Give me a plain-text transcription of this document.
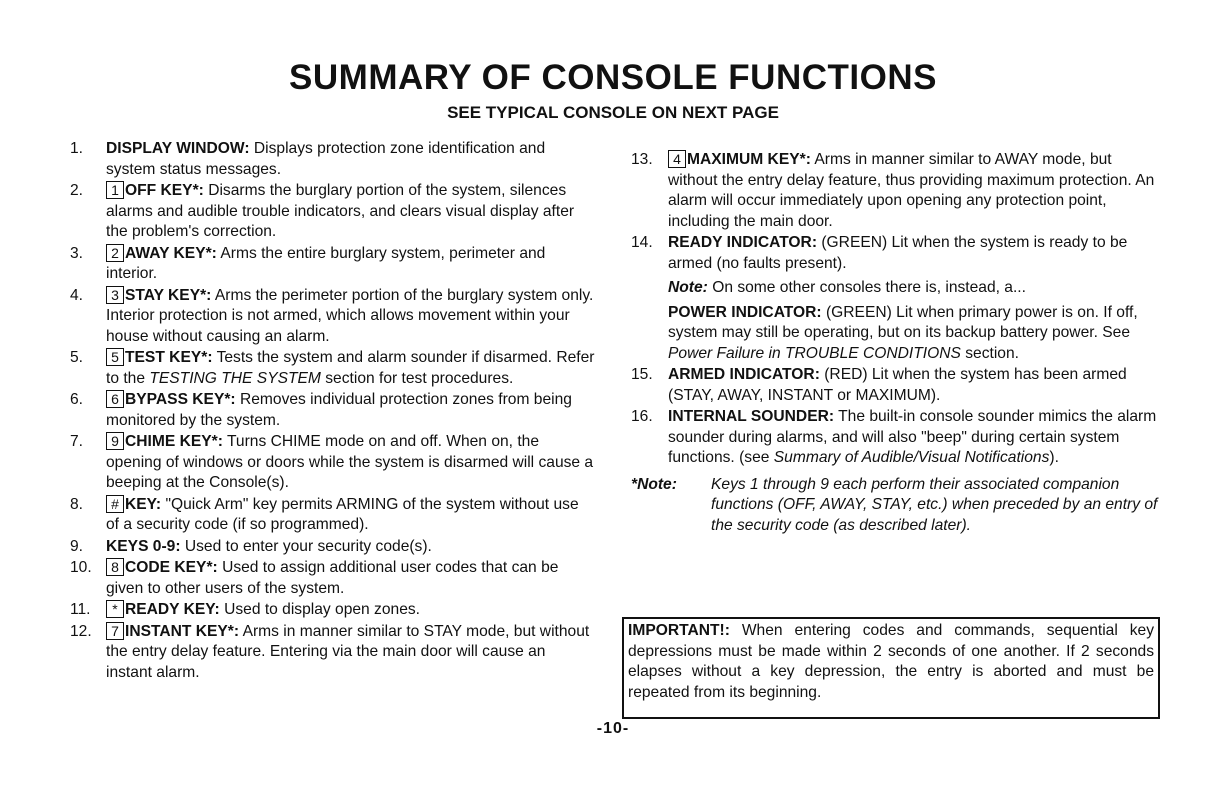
SUMMARY OF CONSOLE FUNCTIONS
SEE TYPICAL CONSOLE ON NEXT PAGE

1. DISPLAY WINDOW: Displays protection zone identification and system status messages.

2. 1 OFF KEY*: Disarms the burglary portion of the system, silences alarms and audible trouble indicators, and clears visual display after the problem's correction.

3. 2 AWAY KEY*: Arms the entire burglary system, perimeter and interior.

4. 3 STAY KEY*: Arms the perimeter portion of the burglary system only. Interior protection is not armed, which allows movement within your house without causing an alarm.

5. 5 TEST KEY*: Tests the system and alarm sounder if disarmed. Refer to the TESTING THE SYSTEM section for test procedures.

6. 6 BYPASS KEY*: Removes individual protection zones from being monitored by the system.

7. 9 CHIME KEY*: Turns CHIME mode on and off. When on, the opening of windows or doors while the system is disarmed will cause a beeping at the Console(s).

8. # KEY: "Quick Arm" key permits ARMING of the system without use of a security code (if so programmed).

9. KEYS 0-9: Used to enter your security code(s).

10. 8 CODE KEY*: Used to assign additional user codes that can be given to other users of the system.

11. * READY KEY: Used to display open zones.

12. 7 INSTANT KEY*: Arms in manner similar to STAY mode, but without the entry delay feature. Entering via the main door will cause an instant alarm.

13. 4 MAXIMUM KEY*: Arms in manner similar to AWAY mode, but without the entry delay feature, thus providing maximum protection. An alarm will occur immediately upon opening any protection point, including the main door.

14. READY INDICATOR: (GREEN) Lit when the system is ready to be armed (no faults present).
Note: On some other consoles there is, instead, a...
POWER INDICATOR: (GREEN) Lit when primary power is on. If off, system may still be operating, but on its backup battery power. See Power Failure in TROUBLE CONDITIONS section.

15. ARMED INDICATOR: (RED) Lit when the system has been armed (STAY, AWAY, INSTANT or MAXIMUM).

16. INTERNAL SOUNDER: The built-in console sounder mimics the alarm sounder during alarms, and will also "beep" during certain system functions. (see Summary of Audible/Visual Notifications).

*Note: Keys 1 through 9 each perform their associated companion functions (OFF, AWAY, STAY, etc.) when preceded by an entry of the security code (as described later).
IMPORTANT!: When entering codes and commands, sequential key depressions must be made within 2 seconds of one another. If 2 seconds elapses without a key depression, the entry is aborted and must be repeated from its beginning.
-10-
